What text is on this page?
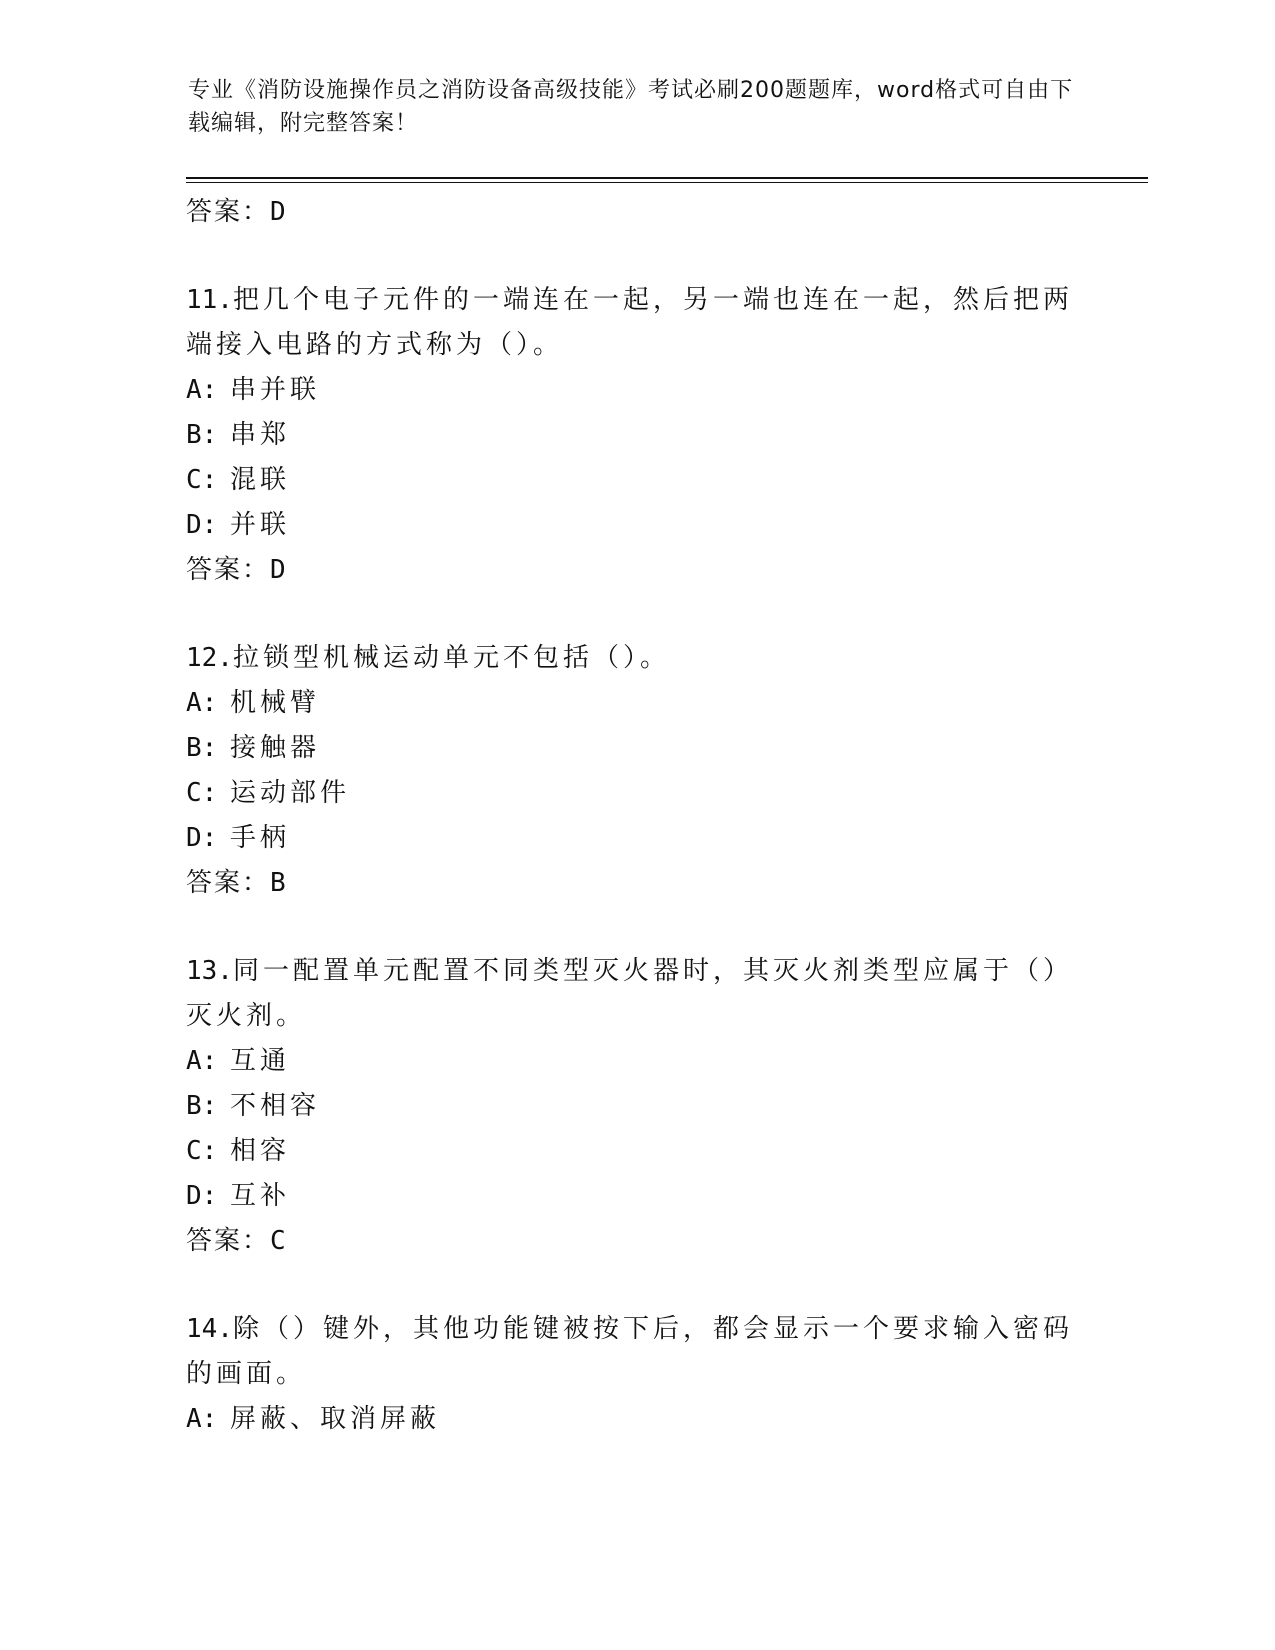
专业《消防设施操作员之消防设备高级技能》考试必刷200题题库，word格式可自由下载编辑，附完整答案！
答案：D
11.把几个电子元件的一端连在一起，另一端也连在一起，然后把两端接入电路的方式称为（）。
A: 串并联
B: 串郑
C: 混联
D: 并联
答案：D
12.拉锁型机械运动单元不包括（）。
A: 机械臂
B: 接触器
C: 运动部件
D: 手柄
答案：B
13.同一配置单元配置不同类型灭火器时，其灭火剂类型应属于（）灭火剂。
A: 互通
B: 不相容
C: 相容
D: 互补
答案：C
14.除（）键外，其他功能键被按下后，都会显示一个要求输入密码的画面。
A: 屏蔽、取消屏蔽
